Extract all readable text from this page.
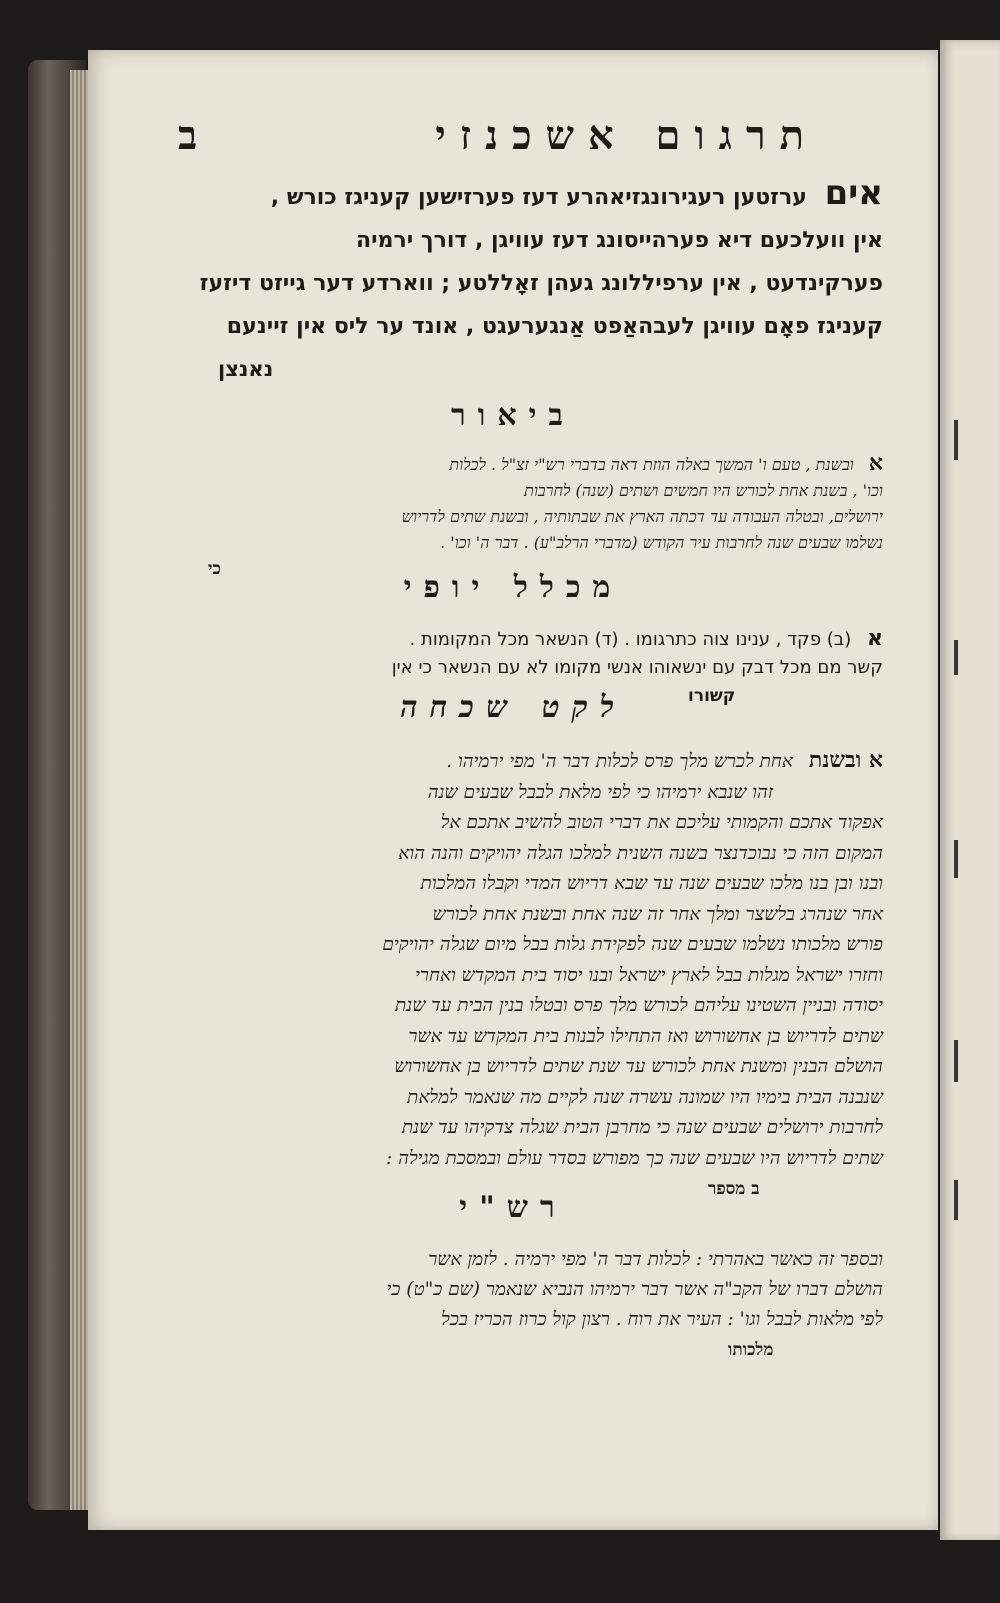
תרגום אשכנזי
ב
אים ערזטען רעגירונגזיאהרע דעז פערזישען קעניגז כורש ,
אין וועלכעם דיא פערהייסונג דעז עוויגן , דורך ירמיה
פערקינדעט , אין ערפיללונג געהן זאָללטע ; ווארדע דער גייזט דיזעז
קעניגז פאָם עוויגן לעבהאַפט אַנגערעגט , אונד ער ליס אין זיינעם
נאנצן
ביאור
א ובשנת , טעם ו' המשך באלה הוזת דאה בדברי רש"י זצ"ל . לכלות
וכו' , בשנת אחת לכורש היו חמשים ושתים (שנה) לחרבות
ירושלים, ובטלה העבודה עד דכתה הארץ את שבתותיה , ובשנת שתים לדריוש
נשלמו שבעים שנה לחרבות עיר הקודש (מדברי הרלב"ע) . דבר ה' וכו' .
כי
מכלל יופי
א (ב) פקד , ענינו צוה כתרגומו . (ד) הנשאר מכל המקומות .
קשר מם מכל דבק עם ינשאוהו אנשי מקומו לא עם הנשאר כי אין
קשורו
לקט שכחה
א ובשנת אחת לכרש מלך פרס לכלות דבר ה' מפי ירמיהו .
זהו שנבא ירמיהו כי לפי מלאת לבבל שבעים שנה
אפקוד אתכם והקמותי עליכם את דברי הטוב להשיב אתכם אל
המקום הזה כי נבוכדנצר בשנה השנית למלכו הגלה יהויקים והנה הוא
ובנו ובן בנו מלכו שבעים שנה עד שבא דריוש המדי וקבלו המלכות
אחר שנהרג בלשצר ומלך אחר זה שנה אחת ובשנת אחת לכורש
פורש מלכותו נשלמו שבעים שנה לפקידת גלות בבל מיום שגלה יהויקים
וחזרו ישראל מגלות בבל לארץ ישראל ובנו יסוד בית המקדש ואחרי
יסודה ובניין השטינו עליהם לכורש מלך פרס ובטלו בנין הבית עד שנת
שתים לדריוש בן אחשורוש ואז התחילו לבנות בית המקדש עד אשר
הושלם הבנין ומשנת אחת לכורש עד שנת שתים לדריוש בן אחשורוש
שנבנה הבית בימיו היו שמונה עשרה שנה לקיים מה שנאמר למלאת
לחרבות ירושלים שבעים שנה כי מחרבן הבית שגלה צדקיהו עד שנת
שתים לדריוש היו שבעים שנה כך מפורש בסדר עולם ובמסכת מגילה :
ב מספר
רש"י
ובספר זה כאשר באהרתי : לכלות דבר ה' מפי ירמיה . לזמן אשר
הושלם דברו של הקב"ה אשר דבר ירמיהו הנביא שנאמר (שם כ"ט) כי
לפי מלאות לבבל וגו' : העיר את רוח . רצון קול כרוז הכריז בכל
מלכותו
